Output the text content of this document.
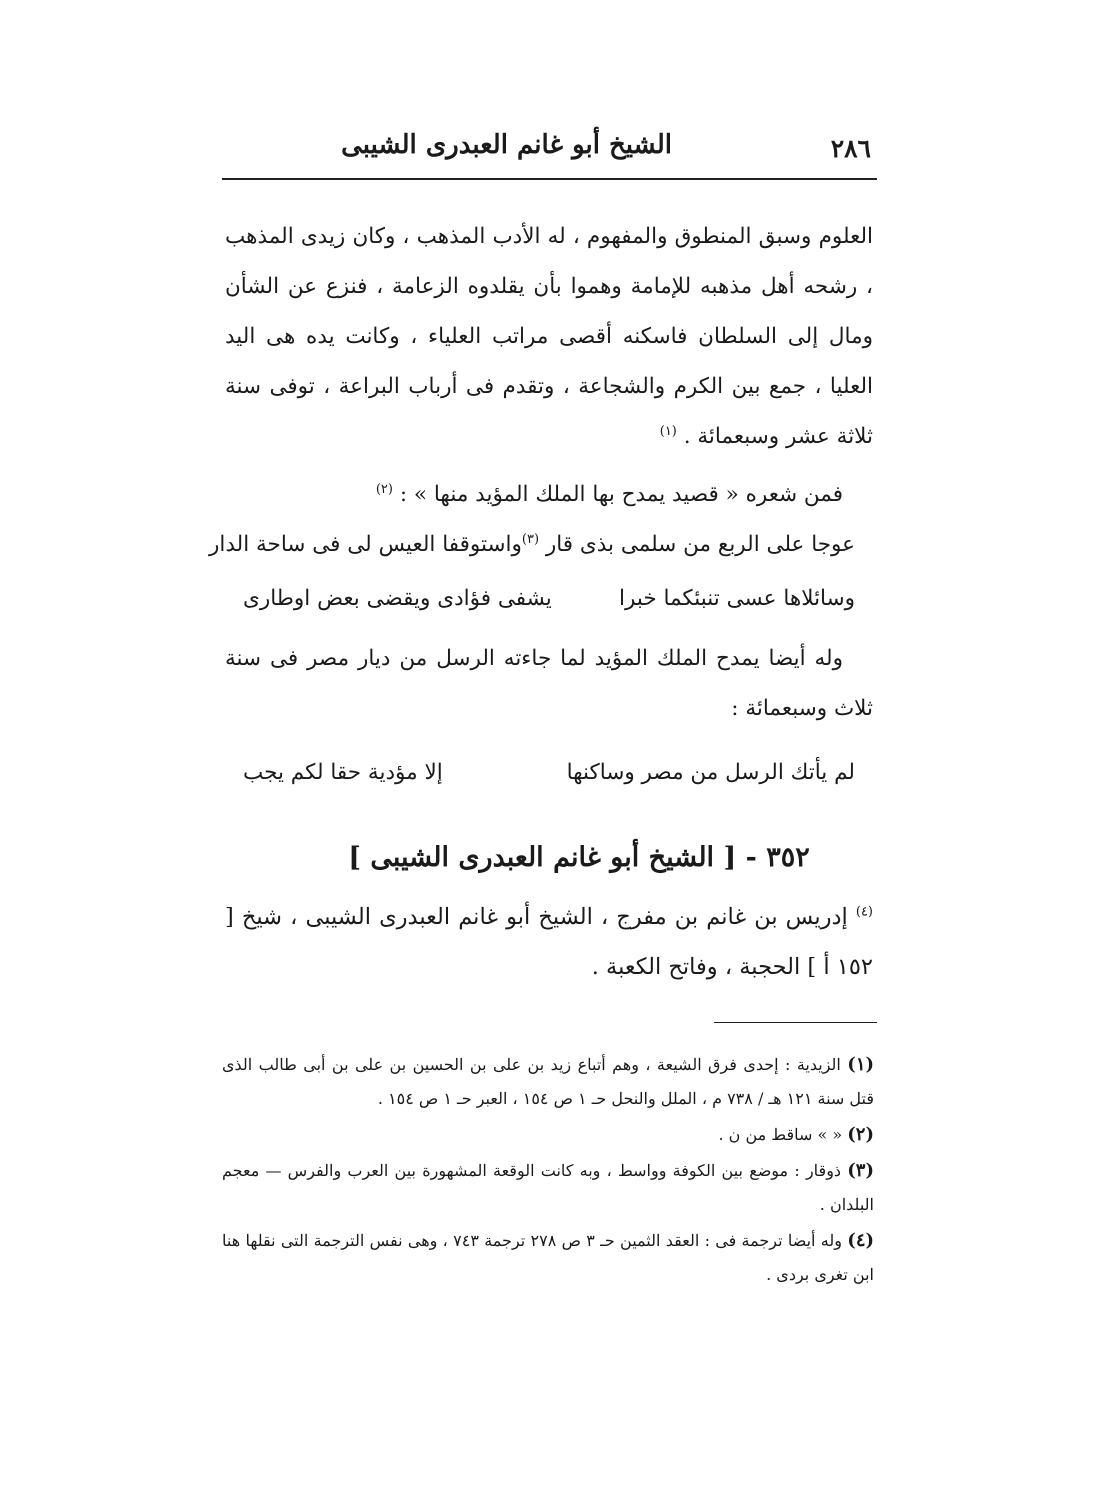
٢٨٦
الشيخ أبو غانم العبدرى الشيبى

العلوم وسبق المنطوق والمفهوم ، له الأدب المذهب ، وكان زيدى المذهب ، رشحه أهل مذهبه للإمامة وهموا بأن يقلدوه الزعامة ، فنزع عن الشأن ومال إلى السلطان فاسكنه أقصى مراتب العلياء ، وكانت يده هى اليد العليا ، جمع بين الكرم والشجاعة ، وتقدم فى أرباب البراعة ، توفى سنة ثلاثة عشر وسبعمائة . $^{(١)}$

فمن شعره « قصيد يمدح بها الملك المؤيد منها » : $^{(٢)}$

عوجا على الربع من سلمى بذى قار $^{(٣)}$
واستوقفا العيس لى فى ساحة الدار
وسائلاها عسى تنبئكما خبرا
يشفى فؤادى ويقضى بعض اوطارى

وله أيضا يمدح الملك المؤيد لما جاءته الرسل من ديار مصر فى سنة ثلاث وسبعمائة :

لم يأتك الرسل من مصر وساكنها
إلا مؤدية حقا لكم يجب

٣٥٢ - [ الشيخ أبو غانم العبدرى الشيبى ]

$^{(٤)}$ إدريس بن غانم بن مفرج ، الشيخ أبو غانم العبدرى الشيبى ، شيخ [ ١٥٢ أ ] الحجبة ، وفاتح الكعبة .

(١) الزيدية : إحدى فرق الشيعة ، وهم أتباع زيد بن على بن الحسين بن على بن أبى طالب الذى قتل سنة ١٢١ هـ / ٧٣٨ م ، الملل والنحل حـ ١ ص ١٥٤ ، العبر حـ ١ ص ١٥٤ .

(٢) « » ساقط من ن .

(٣) ذوقار : موضع بين الكوفة وواسط ، وبه كانت الوقعة المشهورة بين العرب والفرس — معجم البلدان .

(٤) وله أيضا ترجمة فى : العقد الثمين حـ ٣ ص ٢٧٨ ترجمة ٧٤٣ ، وهى نفس الترجمة التى نقلها هنا ابن تغرى بردى .
